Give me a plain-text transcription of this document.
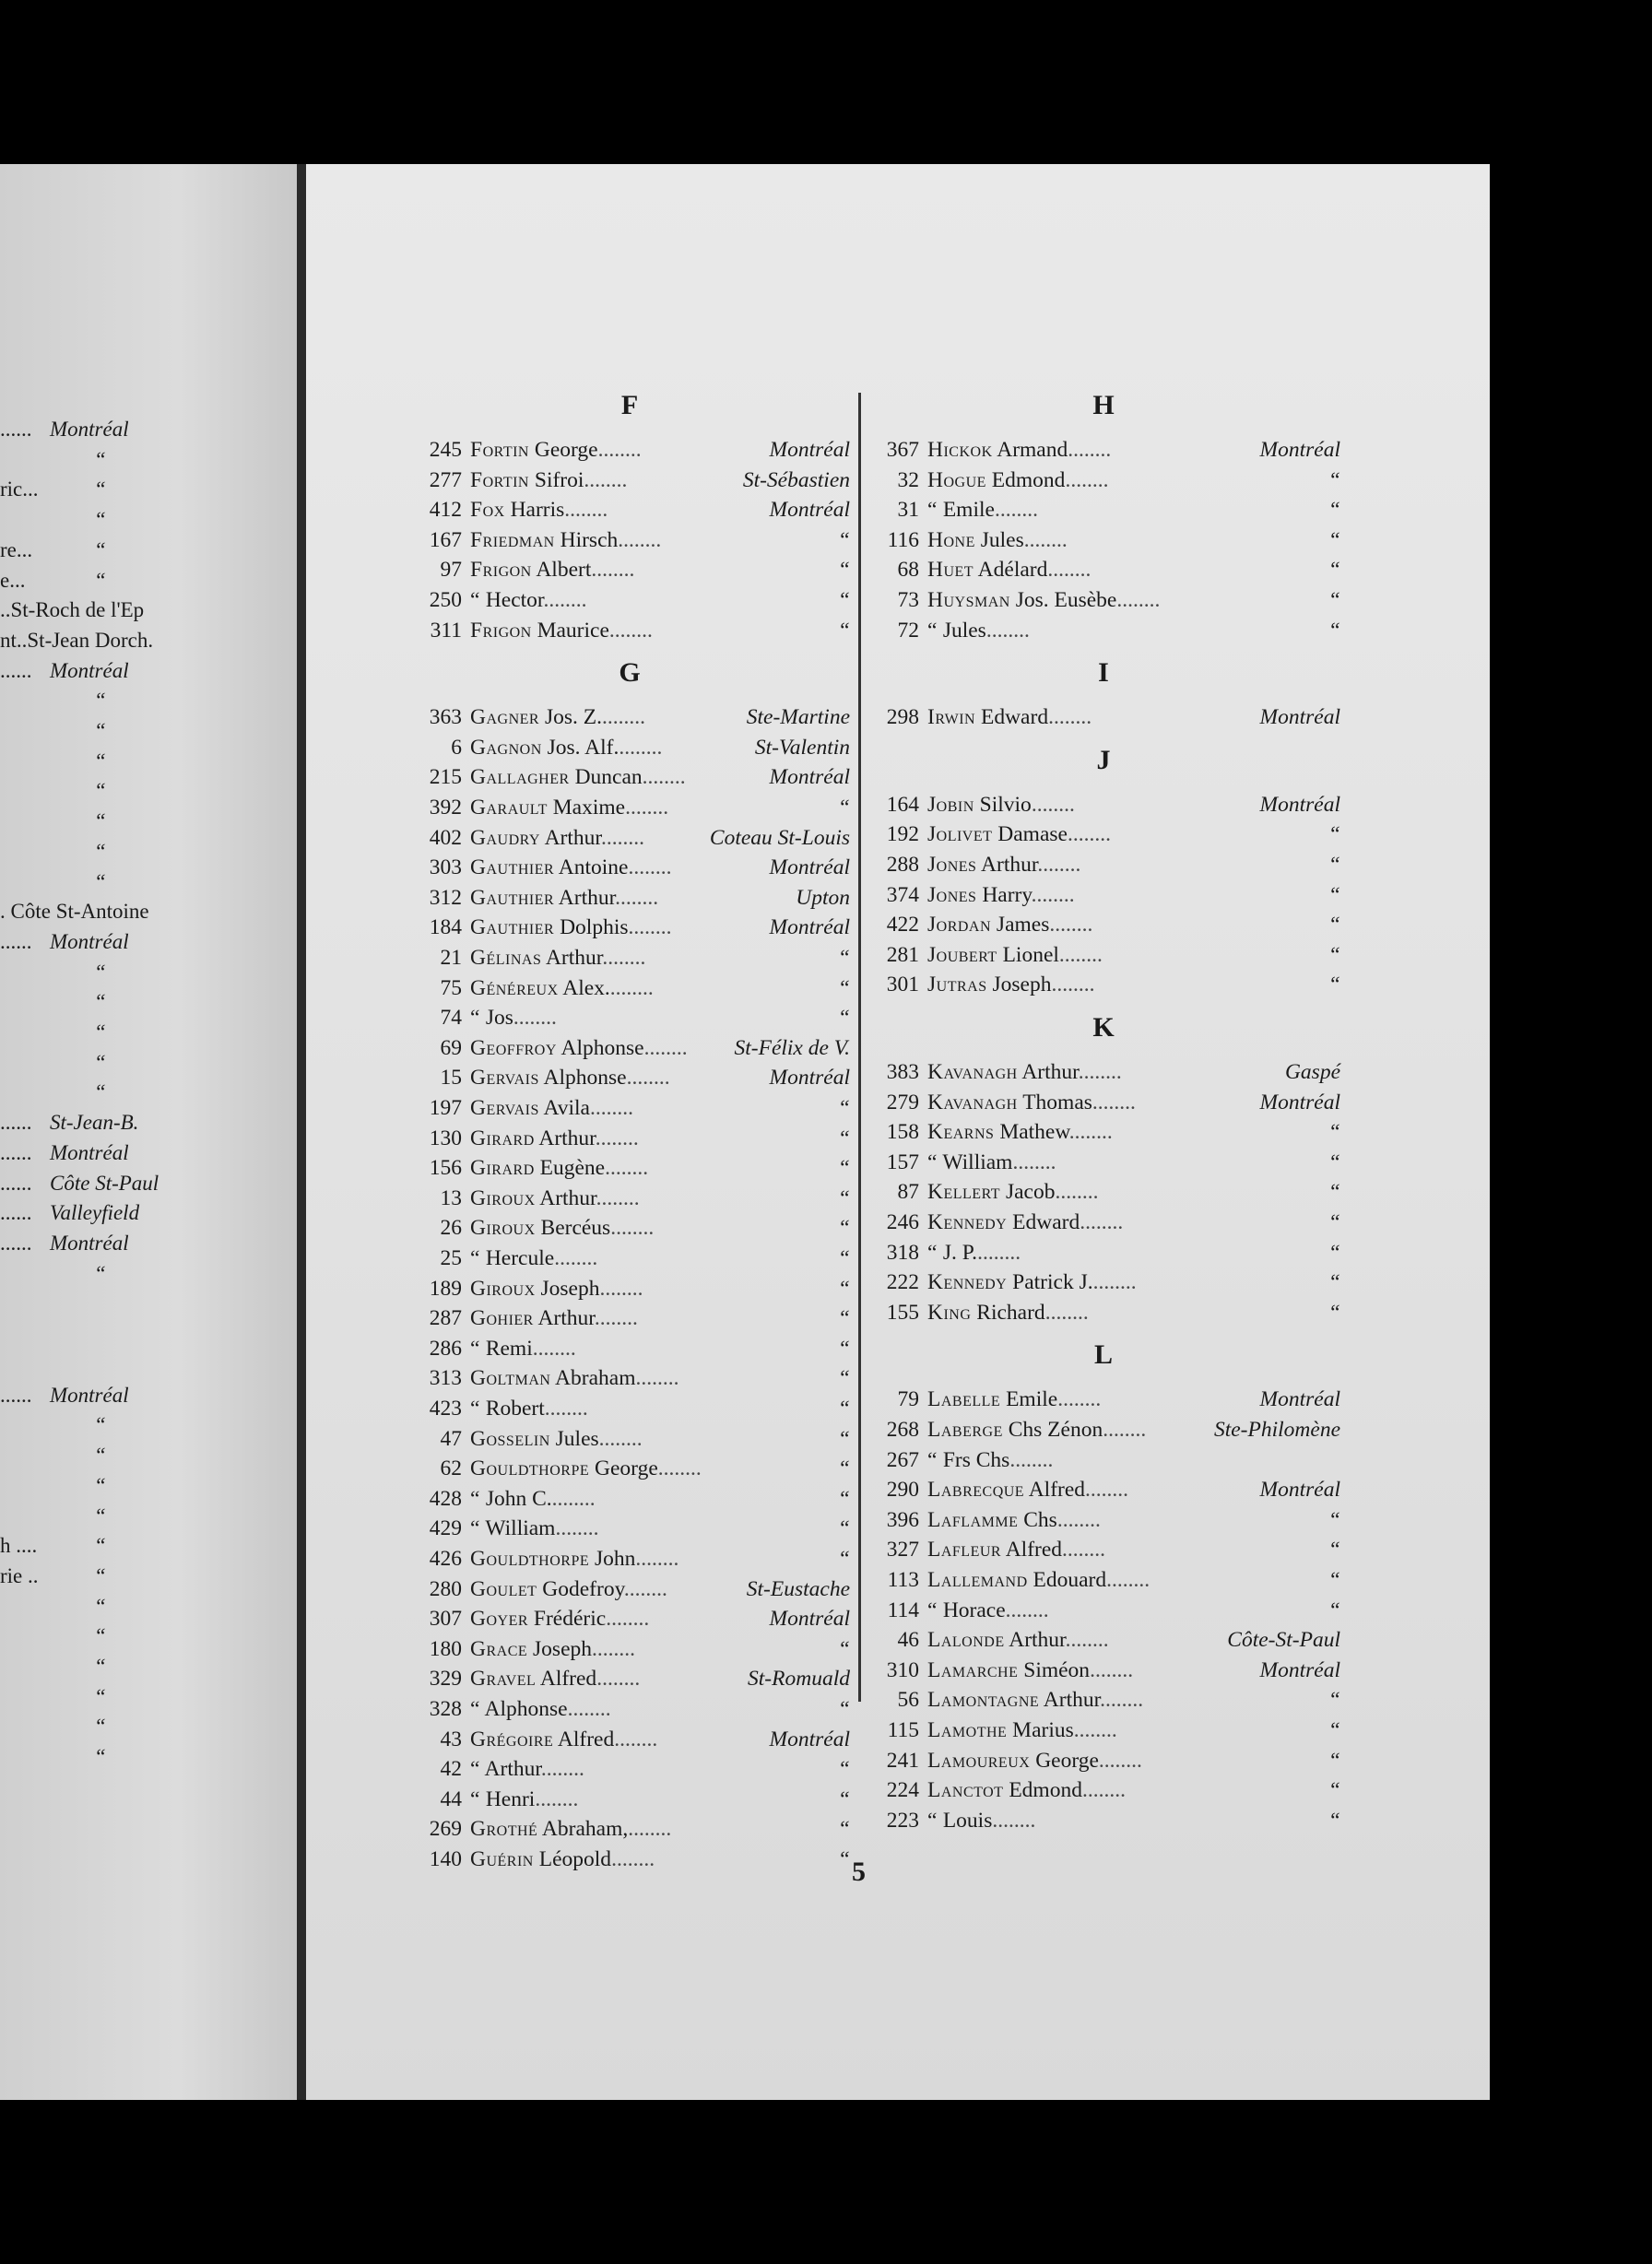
...... Montréal
“
ric...	“
“
re...	“
e...	“
..St-Roch de l'Ep
nt..St-Jean Dorch.
...... Montréal
“
“
“
“
“
“
“
. Côte St-Antoine
...... Montréal
“
“
“
“
“
...... St-Jean-B.
...... Montréal
...... Côte St-Paul
...... Valleyfield
...... Montréal
“
...... Montréal
“
“
“
“
h ....	“
rie ..	“
“
“
“
“
“
“
F
245 Fortin George........	Montréal
277 Fortin Sifroi........	St-Sébastien
412 Fox Harris........	Montréal
167 Friedman Hirsch........	“
97 Frigon Albert........	“
250 “ Hector........	“
311 Frigon Maurice........	“
G
363 Gagner Jos. Z.........	Ste-Martine
6 Gagnon Jos. Alf.........	St-Valentin
215 Gallagher Duncan........	Montréal
392 Garault Maxime........	“
402 Gaudry Arthur........	Coteau St-Louis
303 Gauthier Antoine........	Montréal
312 Gauthier Arthur........	Upton
184 Gauthier Dolphis........	Montréal
21 Gélinas Arthur........	“
75 Généreux Alex.........	“
74 “ Jos........	“
69 Geoffroy Alphonse........ St-Félix de V.
15 Gervais Alphonse........	Montréal
197 Gervais Avila........	“
130 Girard Arthur........	“
156 Girard Eugène........	“
13 Giroux Arthur........	“
26 Giroux Bercéus........	“
25 “ Hercule........	“
189 Giroux Joseph........	“
287 Gohier Arthur........	“
286 “ Remi........	“
313 Goltman Abraham........	“
423 “ Robert........	“
47 Gosselin Jules........	“
62 Gouldthorpe George........	“
428 “ John C.........	“
429 “ William........	“
426 Gouldthorpe John........	“
280 Goulet Godefroy........	St-Eustache
307 Goyer Frédéric........	Montréal
180 Grace Joseph........	“
329 Gravel Alfred........	St-Romuald
328 “ Alphonse........	“
43 Grégoire Alfred........	Montréal
42 “ Arthur........	“
44 “ Henri........	“
269 Grothé Abraham,........	“
140 Guérin Léopold........	“
H
367 Hickok Armand........	Montréal
32 Hogue Edmond........	“
31 “ Emile........	“
116 Hone Jules........	“
68 Huet Adélard........	“
73 Huysman Jos. Eusèbe........	“
72 “ Jules........	“
I
298 Irwin Edward........	Montréal
J
164 Jobin Silvio........	Montréal
192 Jolivet Damase........	“
288 Jones Arthur........	“
374 Jones Harry........	“
422 Jordan James........	“
281 Joubert Lionel........	“
301 Jutras Joseph........	“
K
383 Kavanagh Arthur........	Gaspé
279 Kavanagh Thomas........	Montréal
158 Kearns Mathew........	“
157 “ William........	“
87 Kellert Jacob........	“
246 Kennedy Edward........	“
318 “ J. P.........	“
222 Kennedy Patrick J.........	“
155 King Richard........	“
L
79 Labelle Emile........	Montréal
268 Laberge Chs Zénon........	Ste-Philomène
267 “ Frs Chs........
290 Labrecque Alfred........	Montréal
396 Laflamme Chs........	“
327 Lafleur Alfred........	“
113 Lallemand Edouard........	“
114 “ Horace........	“
46 Lalonde Arthur........	Côte-St-Paul
310 Lamarche Siméon........	Montréal
56 Lamontagne Arthur........	“
115 Lamothe Marius........	“
241 Lamoureux George........	“
224 Lanctot Edmond........	“
223 “ Louis........	“
5
